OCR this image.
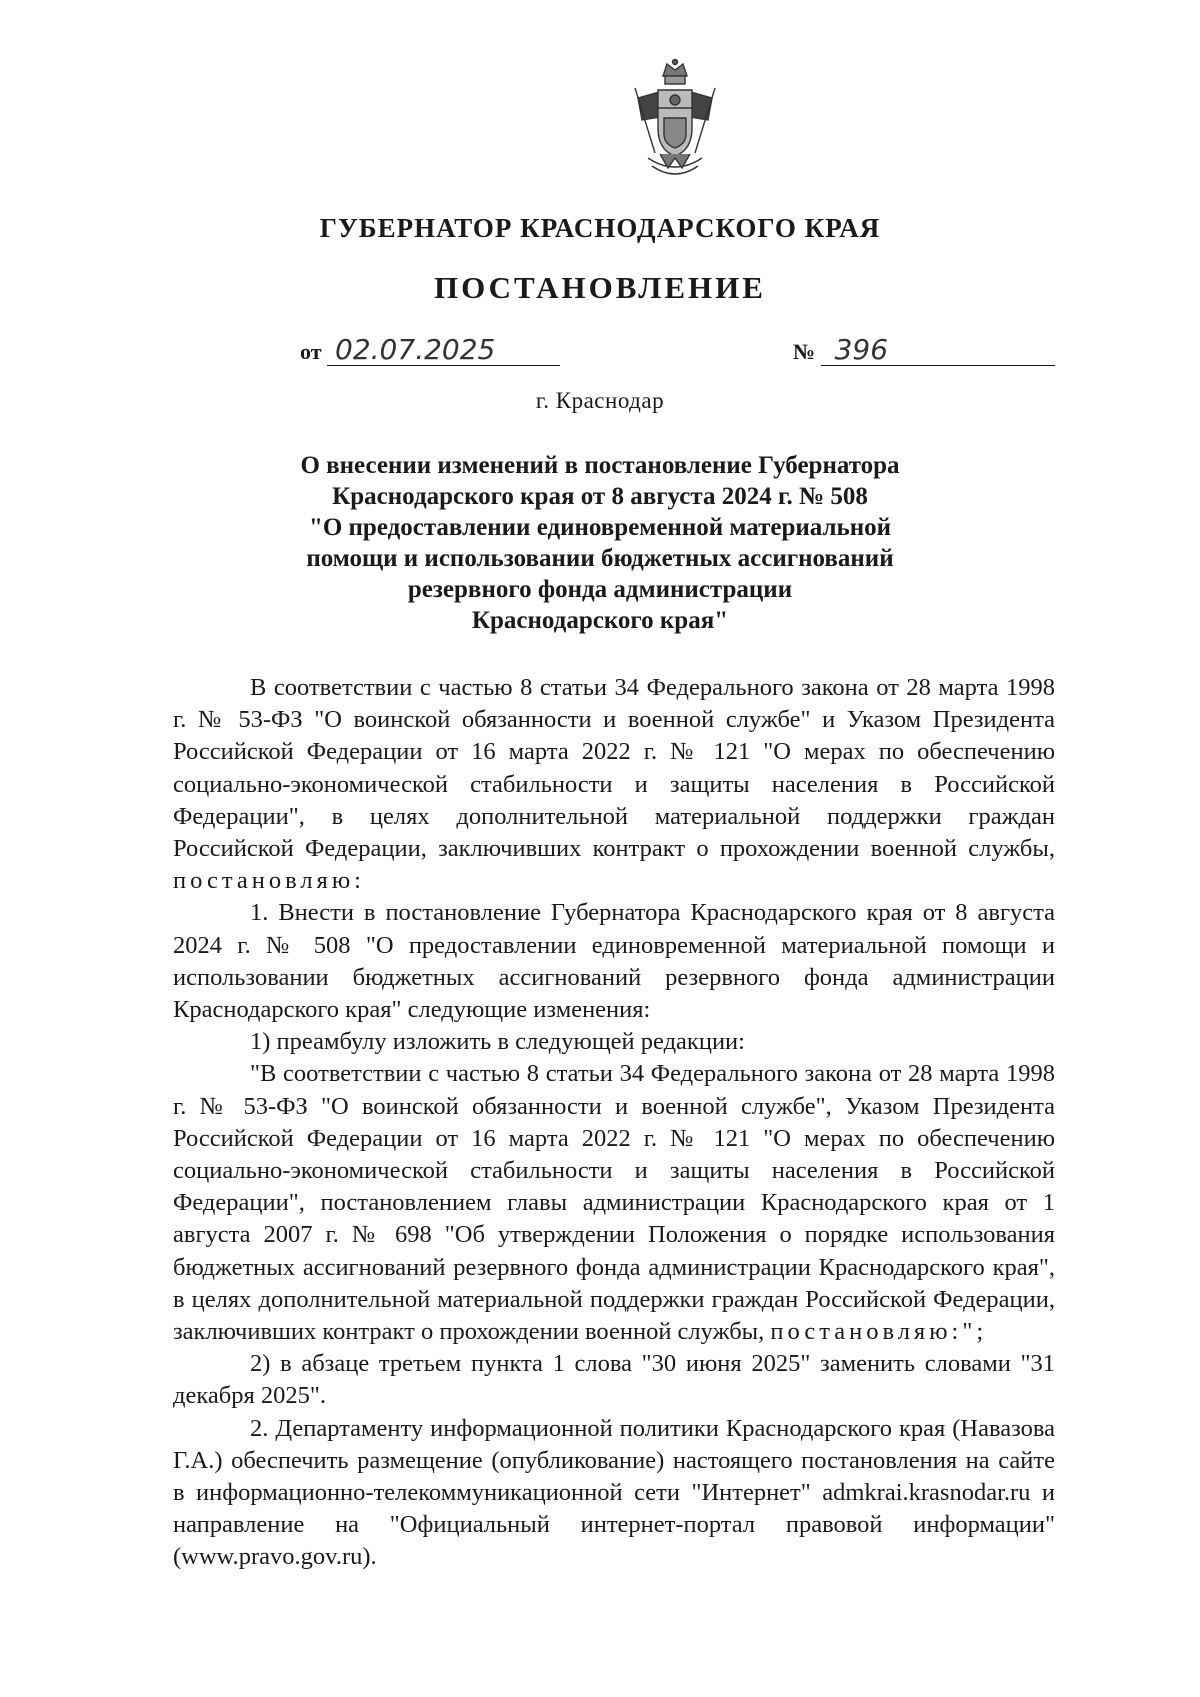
ГУБЕРНАТОР КРАСНОДАРСКОГО КРАЯ
ПОСТАНОВЛЕНИЕ
от 02.07.2025	№ 396
г. Краснодар
О внесении изменений в постановление Губернатора
Краснодарского края от 8 августа 2024 г. № 508
"О предоставлении единовременной материальной
помощи и использовании бюджетных ассигнований
резервного фонда администрации
Краснодарского края"

В соответствии с частью 8 статьи 34 Федерального закона от 28 марта 1998 г. № 53-ФЗ "О воинской обязанности и военной службе" и Указом Президента Российской Федерации от 16 марта 2022 г. № 121 "О мерах по обеспечению социально-экономической стабильности и защиты населения в Российской Федерации", в целях дополнительной материальной поддержки граждан Российской Федерации, заключивших контракт о прохождении военной службы, постановляю:

1. Внести в постановление Губернатора Краснодарского края от 8 августа 2024 г. № 508 "О предоставлении единовременной материальной помощи и использовании бюджетных ассигнований резервного фонда администрации Краснодарского края" следующие изменения:

1) преамбулу изложить в следующей редакции:

"В соответствии с частью 8 статьи 34 Федерального закона от 28 марта 1998 г. № 53-ФЗ "О воинской обязанности и военной службе", Указом Президента Российской Федерации от 16 марта 2022 г. № 121 "О мерах по обеспечению социально-экономической стабильности и защиты населения в Российской Федерации", постановлением главы администрации Краснодарского края от 1 августа 2007 г. № 698 "Об утверждении Положения о порядке использования бюджетных ассигнований резервного фонда администрации Краснодарского края", в целях дополнительной материальной поддержки граждан Российской Федерации, заключивших контракт о прохождении военной службы, постановляю:";

2) в абзаце третьем пункта 1 слова "30 июня 2025" заменить словами "31 декабря 2025".

2. Департаменту информационной политики Краснодарского края (Навазова Г.А.) обеспечить размещение (опубликование) настоящего постановления на сайте в информационно-телекоммуникационной сети "Интернет" admkrai.krasnodar.ru и направление на "Официальный интернет-портал правовой информации" (www.pravo.gov.ru).
